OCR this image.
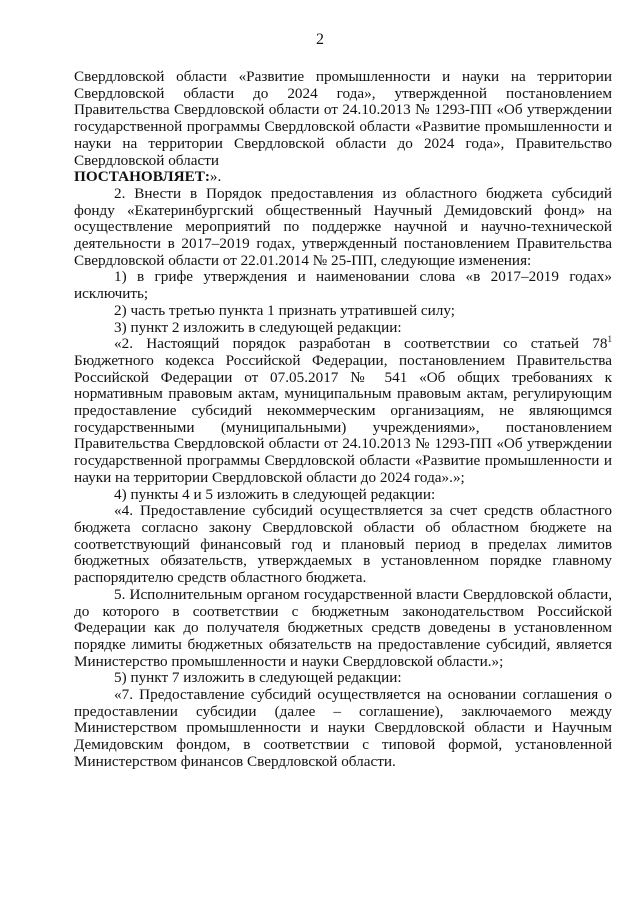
2

Свердловской области «Развитие промышленности и науки на территории Свердловской области до 2024 года», утвержденной постановлением Правительства Свердловской области от 24.10.2013 № 1293-ПП «Об утверждении государственной программы Свердловской области «Развитие промышленности и науки на территории Свердловской области до 2024 года», Правительство Свердловской области

ПОСТАНОВЛЯЕТ:».

2. Внести в Порядок предоставления из областного бюджета субсидий фонду «Екатеринбургский общественный Научный Демидовский фонд» на осуществление мероприятий по поддержке научной и научно-технической деятельности в 2017–2019 годах, утвержденный постановлением Правительства Свердловской области от 22.01.2014 № 25-ПП, следующие изменения:

1) в грифе утверждения и наименовании слова «в 2017–2019 годах» исключить;

2) часть третью пункта 1 признать утратившей силу;

3) пункт 2 изложить в следующей редакции:

«2. Настоящий порядок разработан в соответствии со статьей $78^1$

Бюджетного кодекса Российской Федерации, постановлением Правительства Российской Федерации от 07.05.2017 № 541 «Об общих требованиях к нормативным правовым актам, муниципальным правовым актам, регулирующим предоставление субсидий некоммерческим организациям, не являющимся государственными (муниципальными) учреждениями», постановлением Правительства Свердловской области от 24.10.2013 № 1293-ПП «Об утверждении государственной программы Свердловской области «Развитие промышленности и науки на территории Свердловской области до 2024 года».»;

4) пункты 4 и 5 изложить в следующей редакции:

«4. Предоставление субсидий осуществляется за счет средств областного бюджета согласно закону Свердловской области об областном бюджете на соответствующий финансовый год и плановый период в пределах лимитов бюджетных обязательств, утверждаемых в установленном порядке главному распорядителю средств областного бюджета.

5. Исполнительным органом государственной власти Свердловской области, до которого в соответствии с бюджетным законодательством Российской Федерации как до получателя бюджетных средств доведены в установленном порядке лимиты бюджетных обязательств на предоставление субсидий, является Министерство промышленности и науки Свердловской области.»;

5) пункт 7 изложить в следующей редакции:

«7. Предоставление субсидий осуществляется на основании соглашения о предоставлении субсидии (далее – соглашение), заключаемого между Министерством промышленности и науки Свердловской области и Научным Демидовским фондом, в соответствии с типовой формой, установленной Министерством финансов Свердловской области.
